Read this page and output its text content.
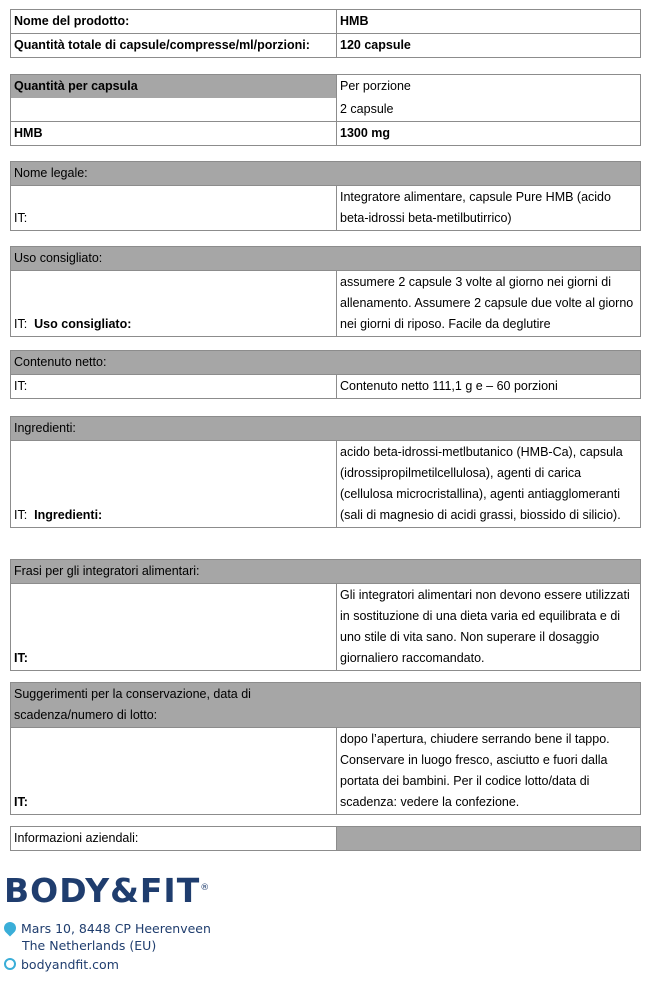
Nome del prodotto:	HMB
Quantità totale di capsule/compresse/ml/porzioni:	120 capsule
Quantità per capsula	Per porzione
	2 capsule
HMB	1300 mg
Nome legale:
IT:	Integratore alimentare, capsule Pure HMB (acido beta-idrossi beta-metilbutirrico)
Uso consigliato:
IT: Uso consigliato:	assumere 2 capsule 3 volte al giorno nei giorni di allenamento. Assumere 2 capsule due volte al giorno nei giorni di riposo. Facile da deglutire
Contenuto netto:
IT:	Contenuto netto 111,1 g e – 60 porzioni
Ingredienti:
IT: Ingredienti:	acido beta-idrossi-metlbutanico (HMB-Ca), capsula (idrossipropilmetilcellulosa), agenti di carica (cellulosa microcristallina), agenti antiagglomeranti (sali di magnesio di acidi grassi, biossido di silicio).
Frasi per gli integratori alimentari:
IT:	Gli integratori alimentari non devono essere utilizzati in sostituzione di una dieta varia ed equilibrata e di uno stile di vita sano. Non superare il dosaggio giornaliero raccomandato.
Suggerimenti per la conservazione, data di scadenza/numero di lotto:	
IT:	dopo l’apertura, chiudere serrando bene il tappo. Conservare in luogo fresco, asciutto e fuori dalla portata dei bambini. Per il codice lotto/data di scadenza: vedere la confezione.
Informazioni aziendali:	
BODY&FIT®
Mars 10, 8448 CP Heerenveen
The Netherlands (EU)
bodyandfit.com
